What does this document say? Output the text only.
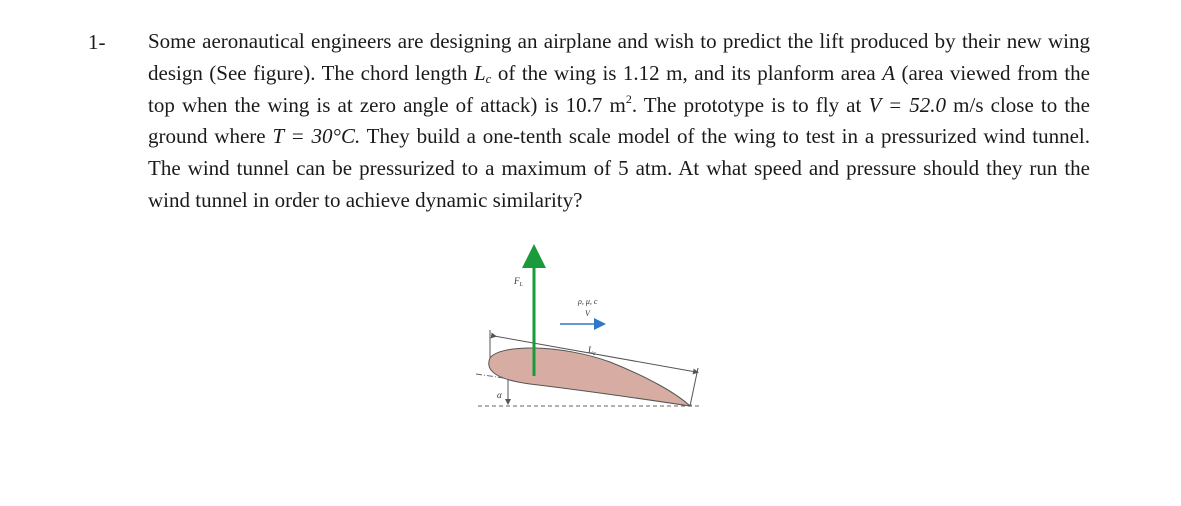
1- Some aeronautical engineers are designing an airplane and wish to predict the lift produced by their new wing design (See figure). The chord length $L_c$ of the wing is 1.12 m, and its planform area A (area viewed from the top when the wing is at zero angle of attack) is 10.7 $m^2$. The prototype is to fly at V = 52.0 m/s close to the ground where T = 30°C. They build a one-tenth scale model of the wing to test in a pressurized wind tunnel. The wind tunnel can be pressurized to a maximum of 5 atm. At what speed and pressure should they run the wind tunnel in order to achieve dynamic similarity?
$L_c$
α
$F_L$
ρ, μ, c
V
